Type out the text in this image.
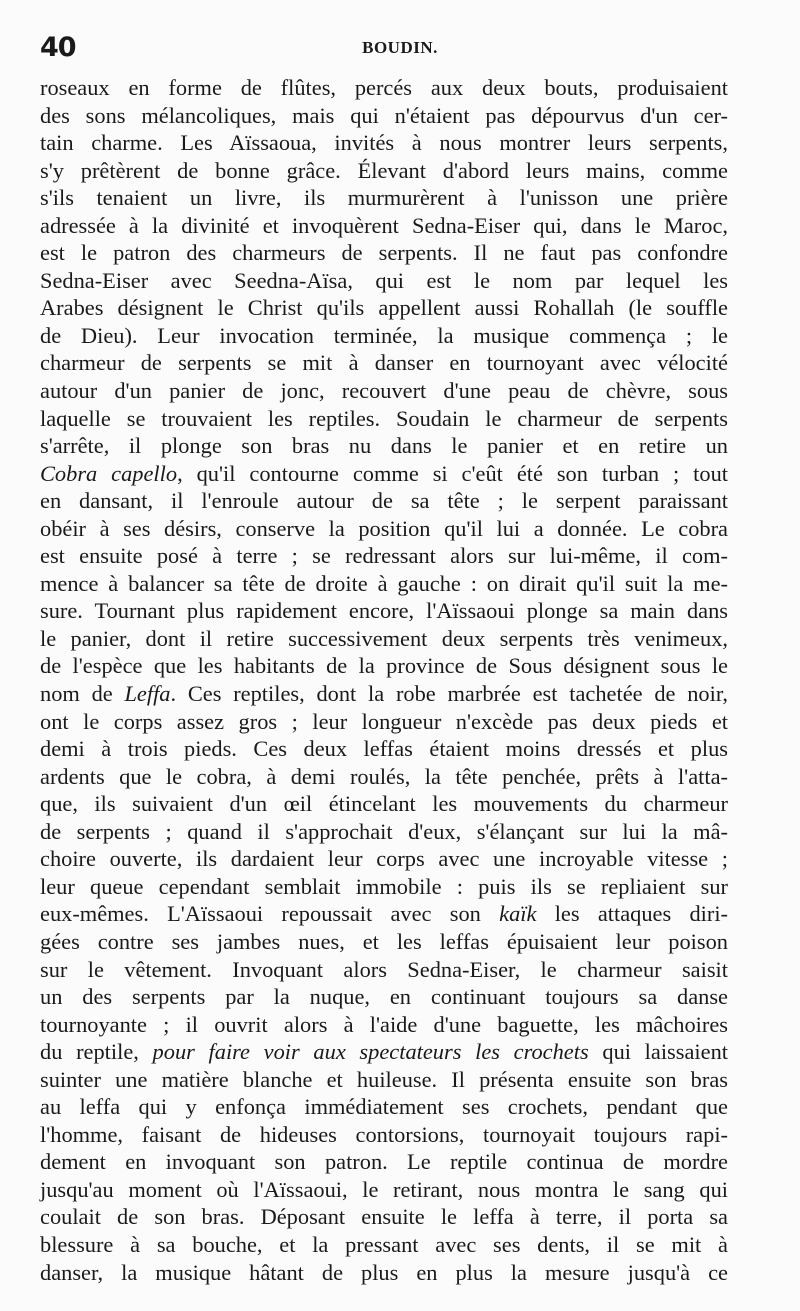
40	BOUDIN.
roseaux en forme de flûtes, percés aux deux bouts, produisaient
des sons mélancoliques, mais qui n'étaient pas dépourvus d'un cer-
tain charme. Les Aïssaoua, invités à nous montrer leurs serpents,
s'y prêtèrent de bonne grâce. Élevant d'abord leurs mains, comme
s'ils tenaient un livre, ils murmurèrent à l'unisson une prière
adressée à la divinité et invoquèrent Sedna-Eiser qui, dans le Maroc,
est le patron des charmeurs de serpents. Il ne faut pas confondre
Sedna-Eiser avec Seedna-Aïsa, qui est le nom par lequel les
Arabes désignent le Christ qu'ils appellent aussi Rohallah (le souffle
de Dieu). Leur invocation terminée, la musique commença ; le
charmeur de serpents se mit à danser en tournoyant avec vélocité
autour d'un panier de jonc, recouvert d'une peau de chèvre, sous
laquelle se trouvaient les reptiles. Soudain le charmeur de serpents
s'arrête, il plonge son bras nu dans le panier et en retire un
Cobra capello, qu'il contourne comme si c'eût été son turban ; tout
en dansant, il l'enroule autour de sa tête ; le serpent paraissant
obéir à ses désirs, conserve la position qu'il lui a donnée. Le cobra
est ensuite posé à terre ; se redressant alors sur lui-même, il com-
mence à balancer sa tête de droite à gauche : on dirait qu'il suit la me-
sure. Tournant plus rapidement encore, l'Aïssaoui plonge sa main dans
le panier, dont il retire successivement deux serpents très venimeux,
de l'espèce que les habitants de la province de Sous désignent sous le
nom de Leffa. Ces reptiles, dont la robe marbrée est tachetée de noir,
ont le corps assez gros ; leur longueur n'excède pas deux pieds et
demi à trois pieds. Ces deux leffas étaient moins dressés et plus
ardents que le cobra, à demi roulés, la tête penchée, prêts à l'atta-
que, ils suivaient d'un œil étincelant les mouvements du charmeur
de serpents ; quand il s'approchait d'eux, s'élançant sur lui la mâ-
choire ouverte, ils dardaient leur corps avec une incroyable vitesse ;
leur queue cependant semblait immobile : puis ils se repliaient sur
eux-mêmes. L'Aïssaoui repoussait avec son kaïk les attaques diri-
gées contre ses jambes nues, et les leffas épuisaient leur poison
sur le vêtement. Invoquant alors Sedna-Eiser, le charmeur saisit
un des serpents par la nuque, en continuant toujours sa danse
tournoyante ; il ouvrit alors à l'aide d'une baguette, les mâchoires
du reptile, pour faire voir aux spectateurs les crochets qui laissaient
suinter une matière blanche et huileuse. Il présenta ensuite son bras
au leffa qui y enfonça immédiatement ses crochets, pendant que
l'homme, faisant de hideuses contorsions, tournoyait toujours rapi-
dement en invoquant son patron. Le reptile continua de mordre
jusqu'au moment où l'Aïssaoui, le retirant, nous montra le sang qui
coulait de son bras. Déposant ensuite le leffa à terre, il porta sa
blessure à sa bouche, et la pressant avec ses dents, il se mit à
danser, la musique hâtant de plus en plus la mesure jusqu'à ce
